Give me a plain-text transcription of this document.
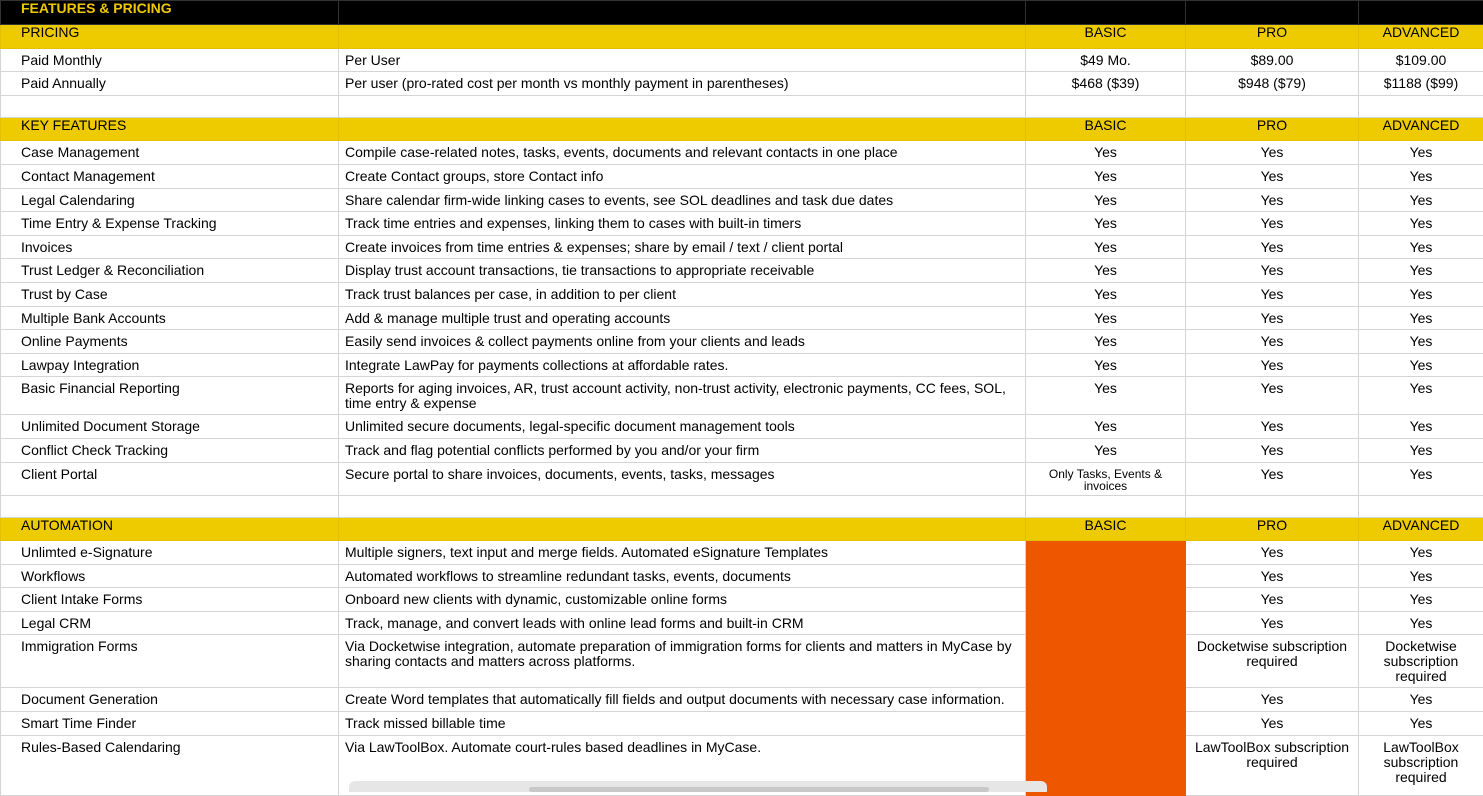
FEATURES & PRICING				
PRICING		BASIC	PRO	ADVANCED
Paid Monthly	Per User	$49 Mo.	$89.00	$109.00
Paid Annually	Per user (pro-rated cost per month vs monthly payment in parentheses)	$468 ($39)	$948 ($79)	$1188 ($99)

KEY FEATURES		BASIC	PRO	ADVANCED
Case Management	Compile case-related notes, tasks, events, documents and relevant contacts in one place	Yes	Yes	Yes
Contact Management	Create Contact groups, store Contact info	Yes	Yes	Yes
Legal Calendaring	Share calendar firm-wide linking cases to events, see SOL deadlines and task due dates	Yes	Yes	Yes
Time Entry & Expense Tracking	Track time entries and expenses, linking them to cases with built-in timers	Yes	Yes	Yes
Invoices	Create invoices from time entries & expenses; share by email / text / client portal	Yes	Yes	Yes
Trust Ledger & Reconciliation	Display trust account transactions, tie transactions to appropriate receivable	Yes	Yes	Yes
Trust by Case	Track trust balances per case, in addition to per client	Yes	Yes	Yes
Multiple Bank Accounts	Add & manage multiple trust and operating accounts	Yes	Yes	Yes
Online Payments	Easily send invoices & collect payments online from your clients and leads	Yes	Yes	Yes
Lawpay Integration	Integrate LawPay for payments collections at affordable rates.	Yes	Yes	Yes
Basic Financial Reporting	Reports for aging invoices, AR, trust account activity, non-trust activity, electronic payments, CC fees, SOL, time entry & expense	Yes	Yes	Yes
Unlimited Document Storage	Unlimited secure documents, legal-specific document management tools	Yes	Yes	Yes
Conflict Check Tracking	Track and flag potential conflicts performed by you and/or your firm	Yes	Yes	Yes
Client Portal	Secure portal to share invoices, documents, events, tasks, messages	Only Tasks, Events & invoices	Yes	Yes

AUTOMATION		BASIC	PRO	ADVANCED
Unlimted e-Signature	Multiple signers, text input and merge fields. Automated eSignature Templates		Yes	Yes
Workflows	Automated workflows to streamline redundant tasks, events, documents		Yes	Yes
Client Intake Forms	Onboard new clients with dynamic, customizable online forms		Yes	Yes
Legal CRM	Track, manage, and convert leads with online lead forms and built-in CRM		Yes	Yes
Immigration Forms	Via Docketwise integration, automate preparation of immigration forms for clients and matters in MyCase by sharing contacts and matters across platforms.		Docketwise subscription required	Docketwise subscription required
Document Generation	Create Word templates that automatically fill fields and output documents with necessary case information.		Yes	Yes
Smart Time Finder	Track missed billable time		Yes	Yes
Rules-Based Calendaring	Via LawToolBox. Automate court-rules based deadlines in MyCase.		LawToolBox subscription required	LawToolBox subscription required
